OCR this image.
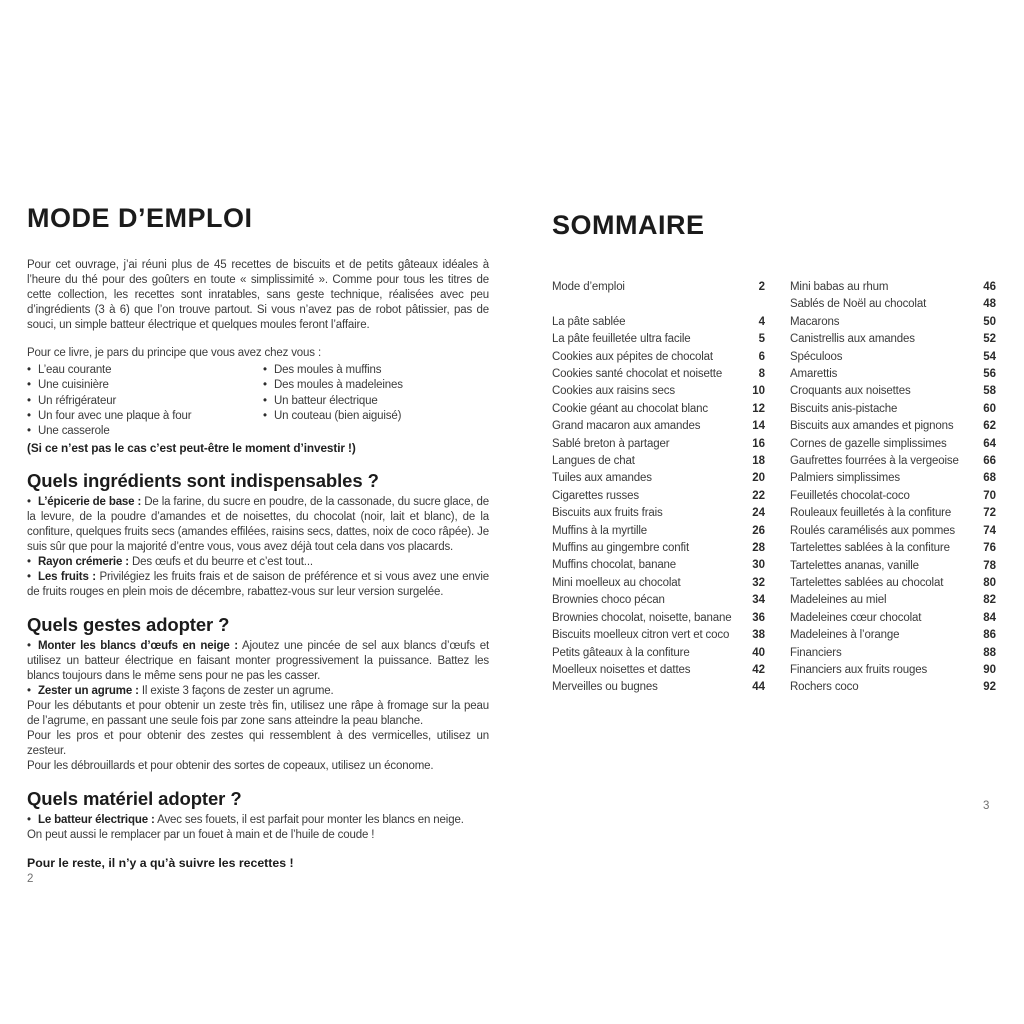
MODE D’EMPLOI

Pour cet ouvrage, j’ai réuni plus de 45 recettes de biscuits et de petits gâteaux idéales à l’heure du thé pour des goûters en toute « simplissimité ». Comme pour tous les titres de cette collection, les recettes sont inratables, sans geste technique, réalisées avec peu d’ingrédients (3 à 6) que l’on trouve partout. Si vous n’avez pas de robot pâtissier, pas de souci, un simple batteur électrique et quelques moules feront l’affaire.

Pour ce livre, je pars du principe que vous avez chez vous :

• L’eau courante
• Une cuisinière
• Un réfrigérateur
• Un four avec une plaque à four
• Une casserole
• Des moules à muffins
• Des moules à madeleines
• Un batteur électrique
• Un couteau (bien aiguisé)

(Si ce n’est pas le cas c’est peut-être le moment d’investir !)

Quels ingrédients sont indispensables ?

• L’épicerie de base : De la farine, du sucre en poudre, de la cassonade, du sucre glace, de la levure, de la poudre d’amandes et de noisettes, du chocolat (noir, lait et blanc), de la confiture, quelques fruits secs (amandes effilées, raisins secs, dattes, noix de coco râpée). Je suis sûr que pour la majorité d’entre vous, vous avez déjà tout cela dans vos placards.

• Rayon crémerie : Des œufs et du beurre et c’est tout...

• Les fruits : Privilégiez les fruits frais et de saison de préférence et si vous avez une envie de fruits rouges en plein mois de décembre, rabattez-vous sur leur version surgelée.

Quels gestes adopter ?

• Monter les blancs d’œufs en neige : Ajoutez une pincée de sel aux blancs d’œufs et utilisez un batteur électrique en faisant monter progressivement la puissance. Battez les blancs toujours dans le même sens pour ne pas les casser.

• Zester un agrume : Il existe 3 façons de zester un agrume.

Pour les débutants et pour obtenir un zeste très fin, utilisez une râpe à fromage sur la peau de l’agrume, en passant une seule fois par zone sans atteindre la peau blanche.

Pour les pros et pour obtenir des zestes qui ressemblent à des vermicelles, utilisez un zesteur.

Pour les débrouillards et pour obtenir des sortes de copeaux, utilisez un économe.

Quels matériel adopter ?

• Le batteur électrique : Avec ses fouets, il est parfait pour monter les blancs en neige.

On peut aussi le remplacer par un fouet à main et de l’huile de coude !

Pour le reste, il n’y a qu’à suivre les recettes !

2
SOMMAIRE
Mode d’emploi	2
La pâte sablée	4
La pâte feuilletée ultra facile	5
Cookies aux pépites de chocolat	6
Cookies santé chocolat et noisette	8
Cookies aux raisins secs	10
Cookie géant au chocolat blanc	12
Grand macaron aux amandes	14
Sablé breton à partager	16
Langues de chat	18
Tuiles aux amandes	20
Cigarettes russes	22
Biscuits aux fruits frais	24
Muffins à la myrtille	26
Muffins au gingembre confit	28
Muffins chocolat, banane	30
Mini moelleux au chocolat	32
Brownies choco pécan	34
Brownies chocolat, noisette, banane	36
Biscuits moelleux citron vert et coco	38
Petits gâteaux à la confiture	40
Moelleux noisettes et dattes	42
Merveilles ou bugnes	44
Mini babas au rhum	46
Sablés de Noël au chocolat	48
Macarons	50
Canistrellis aux amandes	52
Spéculoos	54
Amarettis	56
Croquants aux noisettes	58
Biscuits anis-pistache	60
Biscuits aux amandes et pignons	62
Cornes de gazelle simplissimes	64
Gaufrettes fourrées à la vergeoise	66
Palmiers simplissimes	68
Feuilletés chocolat-coco	70
Rouleaux feuilletés à la confiture	72
Roulés caramélisés aux pommes	74
Tartelettes sablées à la confiture	76
Tartelettes ananas, vanille	78
Tartelettes sablées au chocolat	80
Madeleines au miel	82
Madeleines cœur chocolat	84
Madeleines à l’orange	86
Financiers	88
Financiers aux fruits rouges	90
Rochers coco	92
3
